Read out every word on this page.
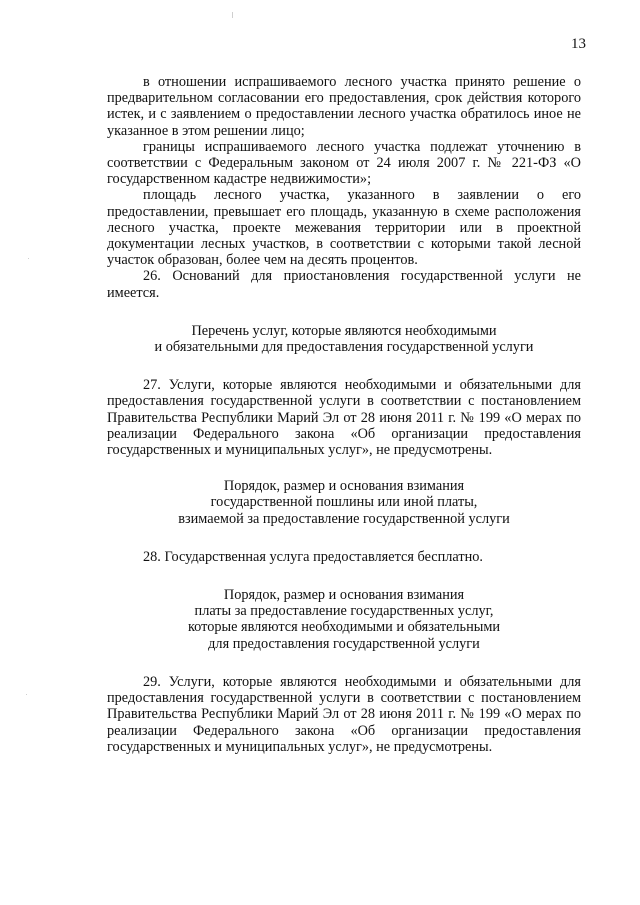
13

в отношении испрашиваемого лесного участка принято решение о предварительном согласовании его предоставления, срок действия которого истек, и с заявлением о предоставлении лесного участка обратилось иное не указанное в этом решении лицо;

границы испрашиваемого лесного участка подлежат уточнению в соответствии с Федеральным законом от 24 июля 2007 г. № 221-ФЗ «О государственном кадастре недвижимости»;

площадь лесного участка, указанного в заявлении о его предоставлении, превышает его площадь, указанную в схеме расположения лесного участка, проекте межевания территории или в проектной документации лесных участков, в соответствии с которыми такой лесной участок образован, более чем на десять процентов.

26. Оснований для приостановления государственной услуги не имеется.

Перечень услуг, которые являются необходимыми
и обязательными для предоставления государственной услуги

27. Услуги, которые являются необходимыми и обязательными для предоставления государственной услуги в соответствии с постановлением Правительства Республики Марий Эл от 28 июня 2011 г. № 199 «О мерах по реализации Федерального закона «Об организации предоставления государственных и муниципальных услуг», не предусмотрены.

Порядок, размер и основания взимания
государственной пошлины или иной платы,
взимаемой за предоставление государственной услуги

28. Государственная услуга предоставляется бесплатно.

Порядок, размер и основания взимания
платы за предоставление государственных услуг,
которые являются необходимыми и обязательными
для предоставления государственной услуги

29. Услуги, которые являются необходимыми и обязательными для предоставления государственной услуги в соответствии с постановлением Правительства Республики Марий Эл от 28 июня 2011 г. № 199 «О мерах по реализации Федерального закона «Об организации предоставления государственных и муниципальных услуг», не предусмотрены.
